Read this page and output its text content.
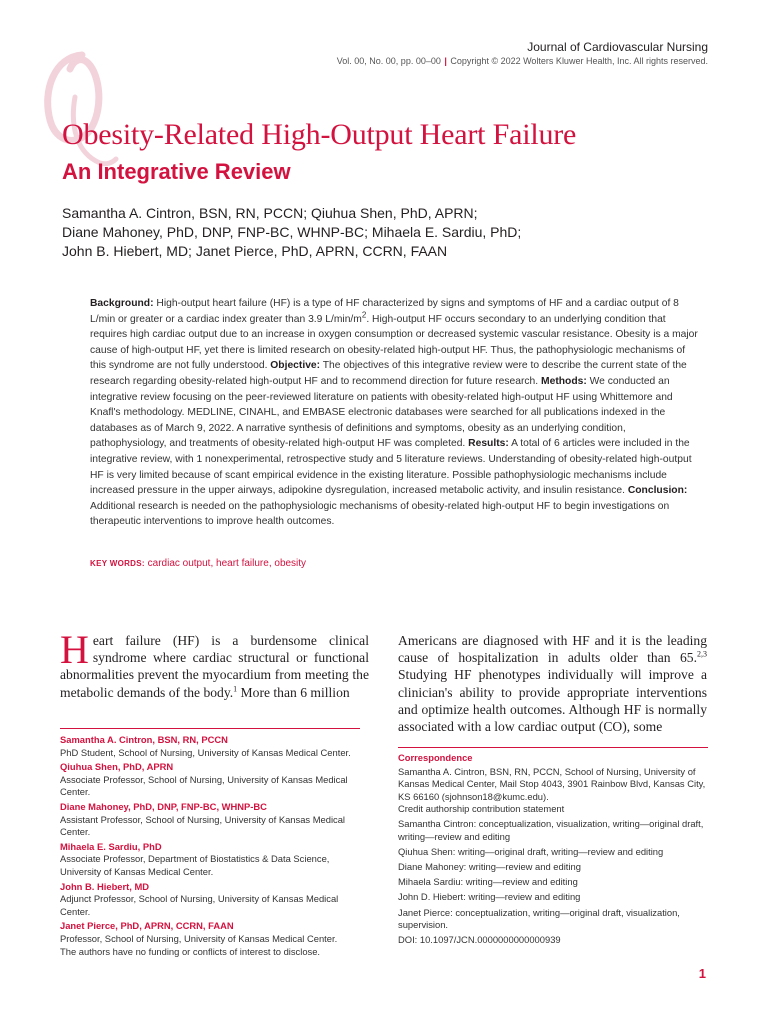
Journal of Cardiovascular Nursing
Vol. 00, No. 00, pp. 00–00 | Copyright © 2022 Wolters Kluwer Health, Inc. All rights reserved.
Obesity-Related High-Output Heart Failure
An Integrative Review
Samantha A. Cintron, BSN, RN, PCCN; Qiuhua Shen, PhD, APRN;
Diane Mahoney, PhD, DNP, FNP-BC, WHNP-BC; Mihaela E. Sardiu, PhD;
John B. Hiebert, MD; Janet Pierce, PhD, APRN, CCRN, FAAN
Background: High-output heart failure (HF) is a type of HF characterized by signs and symptoms of HF and a cardiac output of 8 L/min or greater or a cardiac index greater than 3.9 $L/\min/m^2$. High-output HF occurs secondary to an underlying condition that requires high cardiac output due to an increase in oxygen consumption or decreased systemic vascular resistance. Obesity is a major cause of high-output HF, yet there is limited research on obesity-related high-output HF. Thus, the pathophysiologic mechanisms of this syndrome are not fully understood. Objective: The objectives of this integrative review were to describe the current state of the research regarding obesity-related high-output HF and to recommend direction for future research. Methods: We conducted an integrative review focusing on the peer-reviewed literature on patients with obesity-related high-output HF using Whittemore and Knafl's methodology. MEDLINE, CINAHL, and EMBASE electronic databases were searched for all publications indexed in the databases as of March 9, 2022. A narrative synthesis of definitions and symptoms, obesity as an underlying condition, pathophysiology, and treatments of obesity-related high-output HF was completed. Results: A total of 6 articles were included in the integrative review, with 1 nonexperimental, retrospective study and 5 literature reviews. Understanding of obesity-related high-output HF is very limited because of scant empirical evidence in the existing literature. Possible pathophysiologic mechanisms include increased pressure in the upper airways, adipokine dysregulation, increased metabolic activity, and insulin resistance. Conclusion: Additional research is needed on the pathophysiologic mechanisms of obesity-related high-output HF to begin investigations on therapeutic interventions to improve health outcomes.
KEY WORDS: cardiac output, heart failure, obesity
Heart failure (HF) is a burdensome clinical syndrome where cardiac structural or functional abnormalities prevent the myocardium from meeting the metabolic demands of the body.$^1$ More than 6 million
Americans are diagnosed with HF and it is the leading cause of hospitalization in adults older than 65.$^{2,3}$ Studying HF phenotypes individually will improve a clinician's ability to provide appropriate interventions and optimize health outcomes. Although HF is normally associated with a low cardiac output (CO), some
Samantha A. Cintron, BSN, RN, PCCN
PhD Student, School of Nursing, University of Kansas Medical Center.
Qiuhua Shen, PhD, APRN
Associate Professor, School of Nursing, University of Kansas Medical Center.
Diane Mahoney, PhD, DNP, FNP-BC, WHNP-BC
Assistant Professor, School of Nursing, University of Kansas Medical Center.
Mihaela E. Sardiu, PhD
Associate Professor, Department of Biostatistics & Data Science, University of Kansas Medical Center.
John B. Hiebert, MD
Adjunct Professor, School of Nursing, University of Kansas Medical Center.
Janet Pierce, PhD, APRN, CCRN, FAAN
Professor, School of Nursing, University of Kansas Medical Center.
The authors have no funding or conflicts of interest to disclose.
Correspondence
Samantha A. Cintron, BSN, RN, PCCN, School of Nursing, University of Kansas Medical Center, Mail Stop 4043, 3901 Rainbow Blvd, Kansas City, KS 66160 (sjohnson18@kumc.edu).
Credit authorship contribution statement
Samantha Cintron: conceptualization, visualization, writing—original draft, writing—review and editing
Qiuhua Shen: writing—original draft, writing—review and editing
Diane Mahoney: writing—review and editing
Mihaela Sardiu: writing—review and editing
John D. Hiebert: writing—review and editing
Janet Pierce: conceptualization, writing—original draft, visualization, supervision.
DOI: 10.1097/JCN.0000000000000939
1
